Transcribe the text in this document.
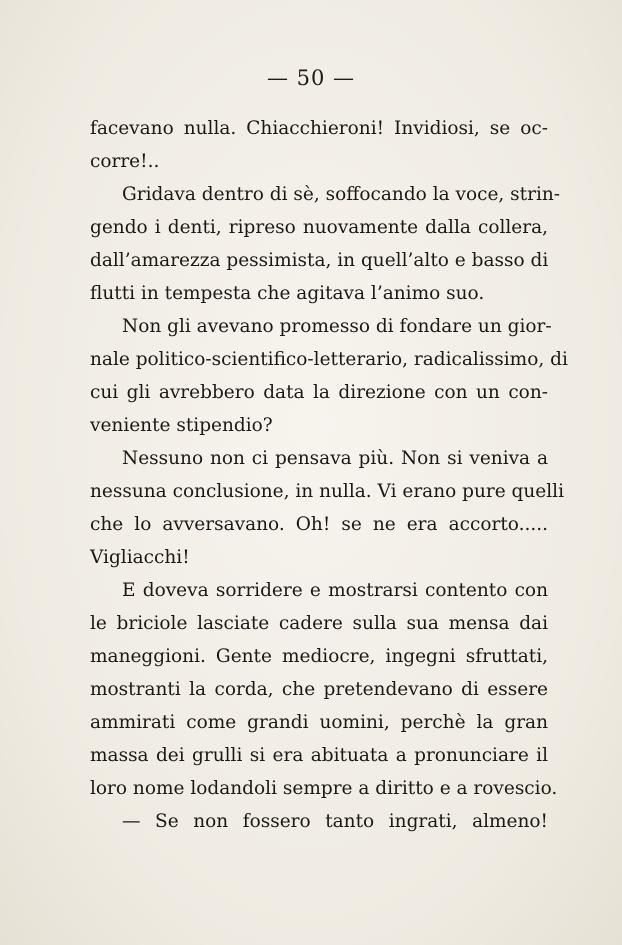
— 50 —
facevano nulla. Chiacchieroni! Invidiosi, se oc-
corre!..
Gridava dentro di sè, soffocando la voce, strin-
gendo i denti, ripreso nuovamente dalla collera,
dall’amarezza pessimista, in quell’alto e basso di
flutti in tempesta che agitava l’animo suo.
Non gli avevano promesso di fondare un gior-
nale politico-scientifico-letterario, radicalissimo, di
cui gli avrebbero data la direzione con un con-
veniente stipendio?
Nessuno non ci pensava più. Non si veniva a
nessuna conclusione, in nulla. Vi erano pure quelli
che lo avversavano. Oh! se ne era accorto.....
Vigliacchi!
E doveva sorridere e mostrarsi contento con
le briciole lasciate cadere sulla sua mensa dai
maneggioni. Gente mediocre, ingegni sfruttati,
mostranti la corda, che pretendevano di essere
ammirati come grandi uomini, perchè la gran
massa dei grulli si era abituata a pronunciare il
loro nome lodandoli sempre a diritto e a rovescio.
— Se non fossero tanto ingrati, almeno!
